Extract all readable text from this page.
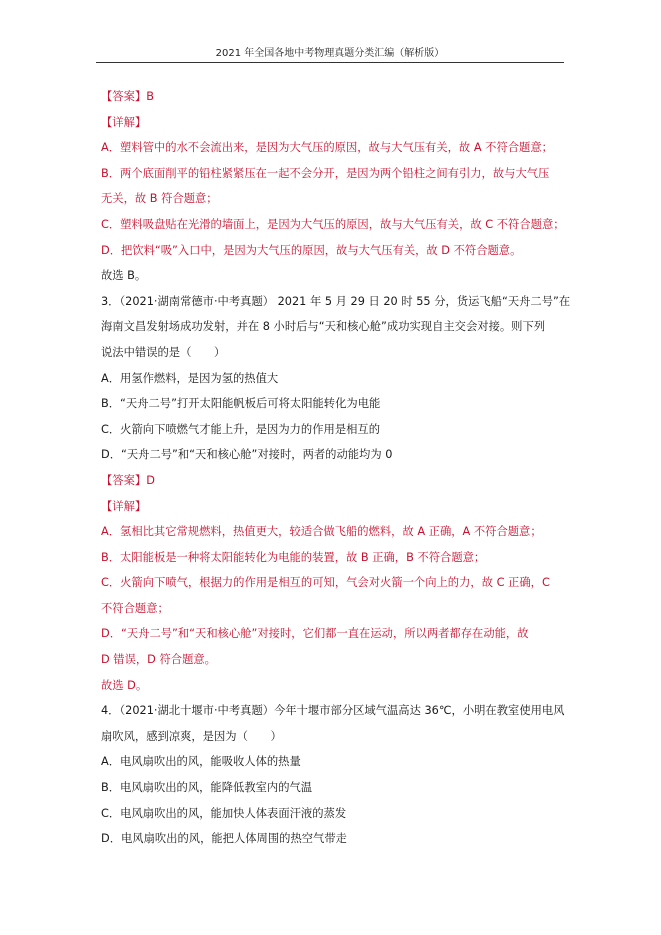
2021 年全国各地中考物理真题分类汇编（解析版）
【答案】B
【详解】
A．塑料管中的水不会流出来，是因为大气压的原因，故与大气压有关，故 A 不符合题意；
B．两个底面削平的铅柱紧紧压在一起不会分开，是因为两个铅柱之间有引力，故与大气压
无关，故 B 符合题意；
C．塑料吸盘贴在光滑的墙面上，是因为大气压的原因，故与大气压有关，故 C 不符合题意；
D．把饮料“吸”入口中，是因为大气压的原因，故与大气压有关，故 D 不符合题意。
故选 B。
3．（2021·湖南常德市·中考真题） 2021 年 5 月 29 日 20 时 55 分，货运飞船“天舟二号”在
海南文昌发射场成功发射，并在 8 小时后与“天和核心舱”成功实现自主交会对接。则下列
说法中错误的是（　　）
A．用氢作燃料，是因为氢的热值大
B．“天舟二号”打开太阳能帆板后可将太阳能转化为电能
C．火箭向下喷燃气才能上升，是因为力的作用是相互的
D．“天舟二号”和“天和核心舱”对接时，两者的动能均为 0
【答案】D
【详解】
A．氢相比其它常规燃料，热值更大，较适合做飞船的燃料，故 A 正确，A 不符合题意；
B．太阳能板是一种将太阳能转化为电能的装置，故 B 正确，B 不符合题意；
C．火箭向下喷气，根据力的作用是相互的可知，气会对火箭一个向上的力，故 C 正确，C
不符合题意；
D．“天舟二号”和“天和核心舱”对接时，它们都一直在运动，所以两者都存在动能，故
D 错误，D 符合题意。
故选 D。
4．（2021·湖北十堰市·中考真题）今年十堰市部分区域气温高达 36℃，小明在教室使用电风
扇吹风，感到凉爽，是因为（　　）
A．电风扇吹出的风，能吸收人体的热量
B．电风扇吹出的风，能降低教室内的气温
C．电风扇吹出的风，能加快人体表面汗液的蒸发
D．电风扇吹出的风，能把人体周围的热空气带走
